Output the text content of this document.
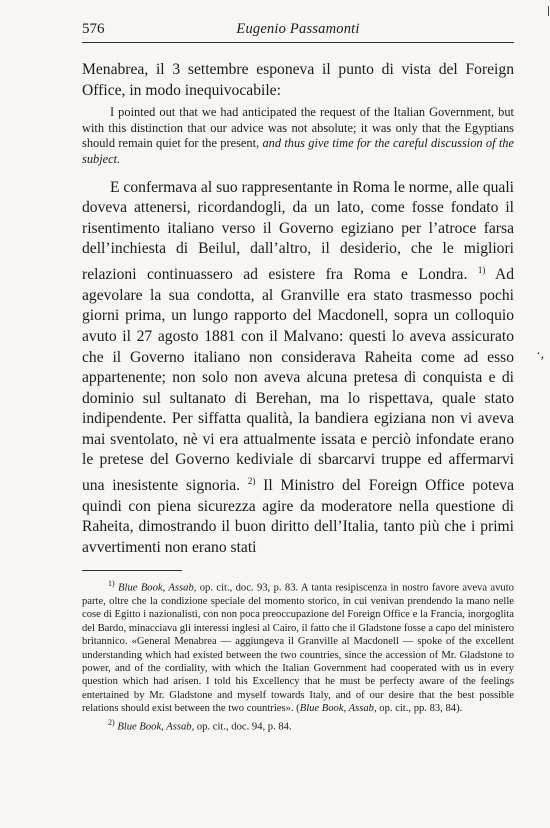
576	Eugenio Passamonti

Menabrea, il 3 settembre esponeva il punto di vista del Foreign Office, in modo inequivocabile:

I pointed out that we had anticipated the request of the Italian Government, but with this distinction that our advice was not absolute; it was only that the Egyptians should remain quiet for the present, and thus give time for the careful discussion of the subject.

E confermava al suo rappresentante in Roma le norme, alle quali doveva attenersi, ricordandogli, da un lato, come fosse fondato il risentimento italiano verso il Governo egiziano per l’atroce farsa dell’inchiesta di Beilul, dall’altro, il desiderio, che le migliori relazioni continuassero ad esistere fra Roma e Londra. $^{1)}$ Ad agevolare la sua condotta, al Granville era stato trasmesso pochi giorni prima, un lungo rapporto del Macdonell, sopra un colloquio avuto il 27 agosto 1881 con il Malvano: questi lo aveva assicurato che il Governo italiano non considerava Raheita come ad esso appartenente; non solo non aveva alcuna pretesa di conquista e di dominio sul sultanato di Berehan, ma lo rispettava, quale stato indipendente. Per siffatta qualità, la bandiera egiziana non vi aveva mai sventolato, nè vi era attualmente issata e perciò infondate erano le pretese del Governo kediviale di sbarcarvi truppe ed affermarvi una inesistente signoria. $^{2)}$ Il Ministro del Foreign Office poteva quindi con piena sicurezza agire da moderatore nella questione di Raheita, dimostrando il buon diritto dell’Italia, tanto più che i primi avvertimenti non erano stati

·,

$^{1)}$ Blue Book, Assab, op. cit., doc. 93, p. 83. A tanta resipiscenza in nostro favore aveva avuto parte, oltre che la condizione speciale del momento storico, in cui venivan prendendo la mano nelle cose di Egitto i nazionalisti, con non poca preoccupazione del Foreign Office e la Francia, inorgoglita del Bardo, minacciava gli interessi inglesi al Cairo, il fatto che il Gladstone fosse a capo del ministero britannico. «General Menabrea — aggiungeva il Granville al Macdonell — spoke of the excellent understanding which had existed between the two countries, since the accession of Mr. Gladstone to power, and of the cordiality, with which the Italian Government had cooperated with us in every question which had arisen. I told his Excellency that he must be perfecty aware of the feelings entertained by Mr. Gladstone and myself towards Italy, and of our desire that the best possible relations should exist between the two countries». (Blue Book, Assab, op. cit., pp. 83, 84).

$^{2)}$ Blue Book, Assab, op. cit., doc. 94, p. 84.
